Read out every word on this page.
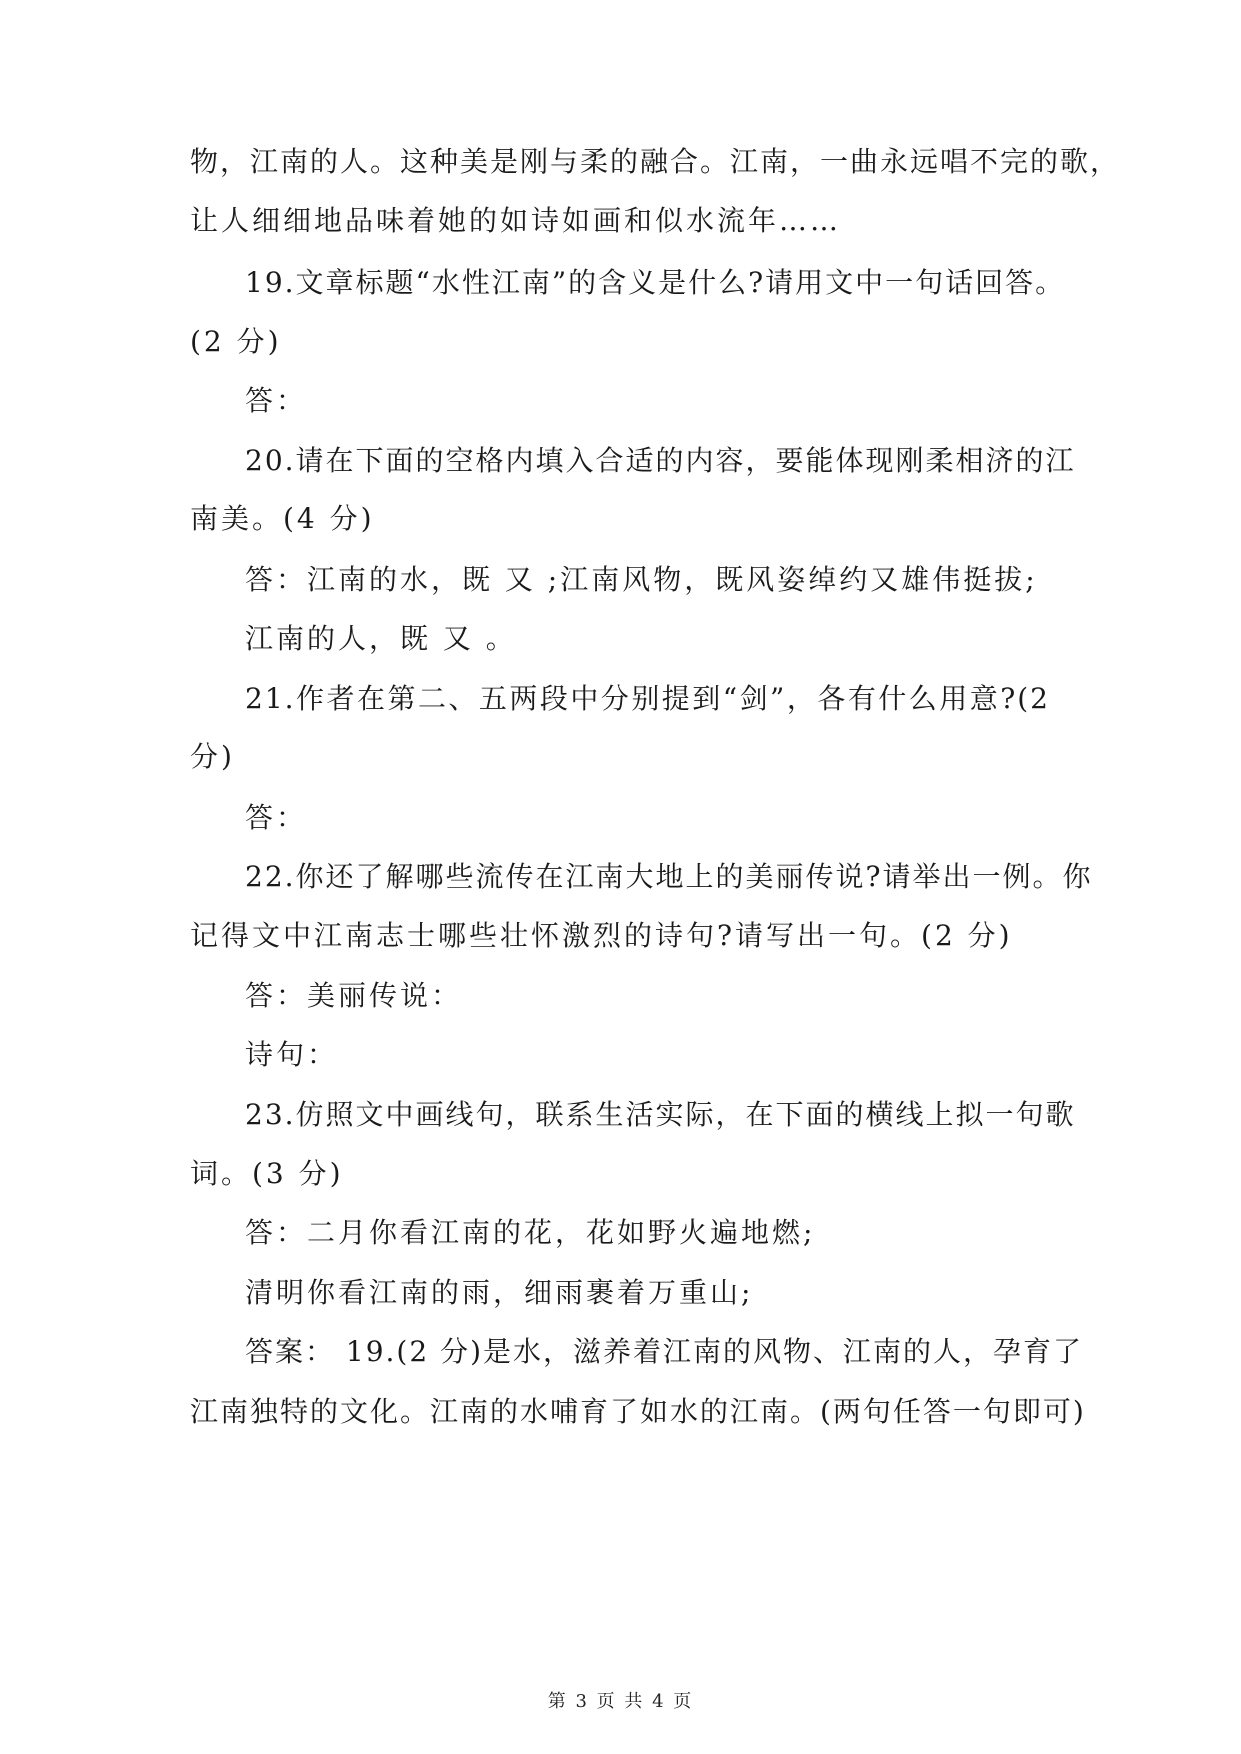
物，江南的人。这种美是刚与柔的融合。江南，一曲永远唱不完的歌，
让人细细地品味着她的如诗如画和似水流年……
19.文章标题“水性江南”的含义是什么?请用文中一句话回答。
(2 分)
答：
20.请在下面的空格内填入合适的内容，要能体现刚柔相济的江
南美。(4 分)
答：江南的水，既 又 ;江南风物，既风姿绰约又雄伟挺拔;
江南的人，既 又 。
21.作者在第二、五两段中分别提到“剑”，各有什么用意?(2
分)
答：
22.你还了解哪些流传在江南大地上的美丽传说?请举出一例。你
记得文中江南志士哪些壮怀激烈的诗句?请写出一句。(2 分)
答：美丽传说：
诗句：
23.仿照文中画线句，联系生活实际，在下面的横线上拟一句歌
词。(3 分)
答：二月你看江南的花，花如野火遍地燃;
清明你看江南的雨，细雨裹着万重山;
答案： 19.(2 分)是水，滋养着江南的风物、江南的人，孕育了
江南独特的文化。江南的水哺育了如水的江南。(两句任答一句即可)
第 3 页 共 4 页
